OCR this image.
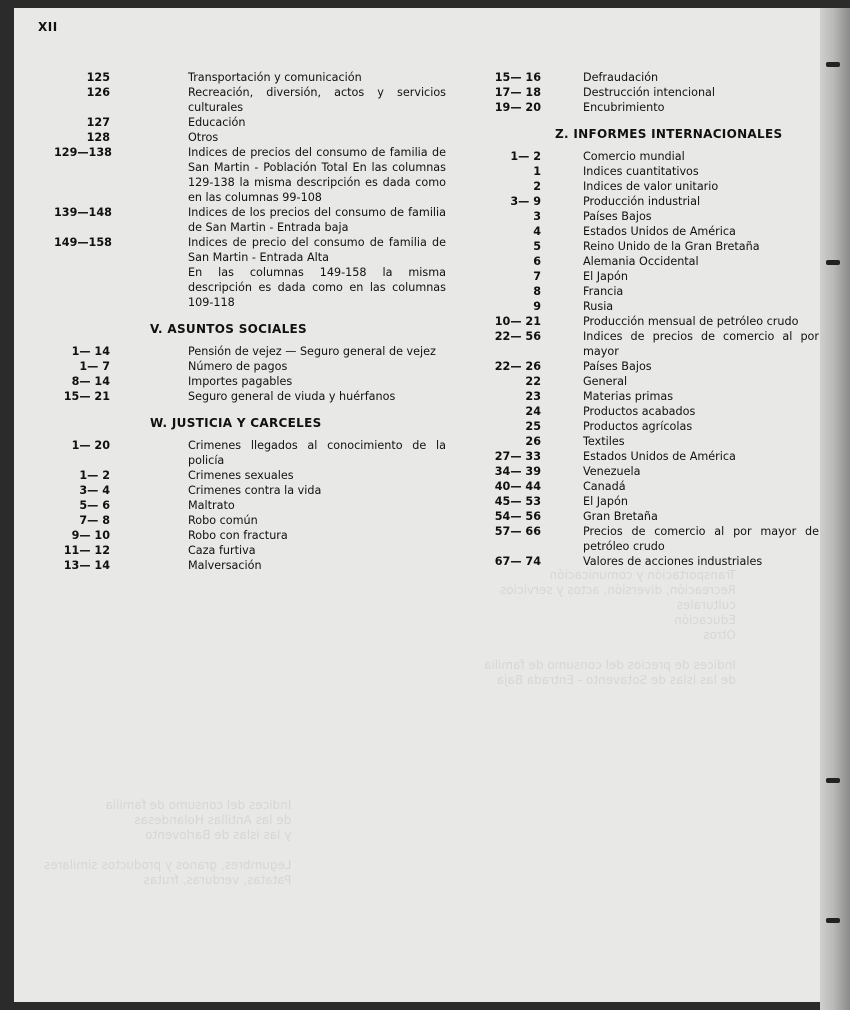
Transportación y comunicación
Recreación, diversión, actos y servicios
culturales
Educación
Otros

Indices de precios del consumo de familia
de las islas de Sotavento - Entrada Baja
Indices del consumo de familia
de las Antillas Holandesas
y las islas de Barlovento

Legumbres, granos y productos similares
Patatas, verduras, frutas
XII
125	Transportación y comunicación
126	Recreación, diversión, actos y servicios culturales
127	Educación
128	Otros
129—138	Indices de precios del consumo de familia de San Martin - Población Total En las columnas 129-138 la misma descripción es dada como en las columnas 99-108
139—148	Indices de los precios del consumo de familia de San Martin - Entrada baja
149—158	Indices de precio del consumo de familia de San Martin - Entrada Alta
En las columnas 149-158 la misma descripción es dada como en las columnas 109-118
V. ASUNTOS SOCIALES
1— 14	Pensión de vejez — Seguro general de vejez
1— 7	Número de pagos
8— 14	Importes pagables
15— 21	Seguro general de viuda y huérfanos
W. JUSTICIA Y CARCELES
1— 20	Crimenes llegados al conocimiento de la policía
1— 2	Crimenes sexuales
3— 4	Crimenes contra la vida
5— 6	Maltrato
7— 8	Robo común
9— 10	Robo con fractura
11— 12	Caza furtiva
13— 14	Malversación
15— 16	Defraudación
17— 18	Destrucción intencional
19— 20	Encubrimiento
Z. INFORMES INTERNACIONALES
1— 2	Comercio mundial
1	Indices cuantitativos
2	Indices de valor unitario
3— 9	Producción industrial
3	Países Bajos
4	Estados Unidos de América
5	Reino Unido de la Gran Bretaña
6	Alemania Occidental
7	El Japón
8	Francia
9	Rusia
10— 21	Producción mensual de petróleo crudo
22— 56	Indices de precios de comercio al por mayor
22— 26	Países Bajos
22	General
23	Materias primas
24	Productos acabados
25	Productos agrícolas
26	Textiles
27— 33	Estados Unidos de América
34— 39	Venezuela
40— 44	Canadá
45— 53	El Japón
54— 56	Gran Bretaña
57— 66	Precios de comercio al por mayor de petróleo crudo
67— 74	Valores de acciones industriales
